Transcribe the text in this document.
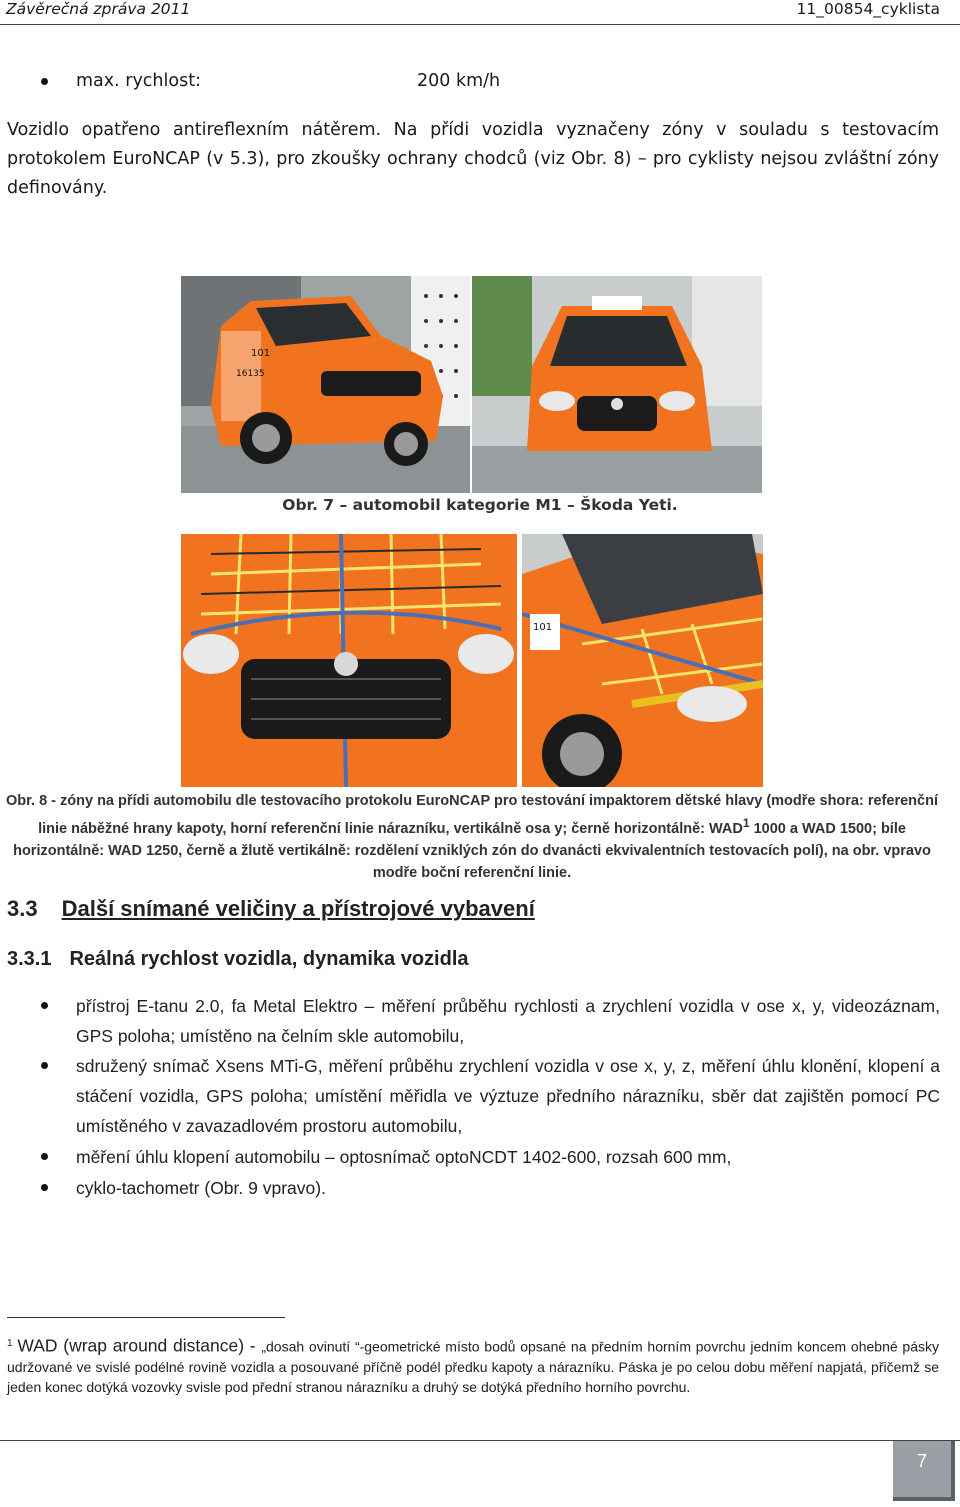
Závěrečná zpráva 2011	11_00854_cyklista
max. rychlost:	200 km/h
Vozidlo opatřeno antireflexním nátěrem. Na přídi vozidla vyznačeny zóny v souladu s testovacím protokolem EuroNCAP (v 5.3), pro zkoušky ochrany chodců (viz Obr. 8) – pro cyklisty nejsou zvláštní zóny definovány.
101
16135
Obr. 7 – automobil kategorie M1 – Škoda Yeti.
101
Obr. 8 - zóny na přídi automobilu dle testovacího protokolu EuroNCAP pro testování impaktorem dětské hlavy (modře shora: referenční linie náběžné hrany kapoty, horní referenční linie nárazníku, vertikálně osa y; černě horizontálně: WAD$^1$ 1000 a WAD 1500; bíle horizontálně: WAD 1250, černě a žlutě vertikálně: rozdělení vzniklých zón do dvanácti ekvivalentních testovacích polí), na obr. vpravo modře boční referenční linie.
3.3 Další snímané veličiny a přístrojové vybavení
3.3.1 Reálná rychlost vozidla, dynamika vozidla
přístroj E-tanu 2.0, fa Metal Elektro – měření průběhu rychlosti a zrychlení vozidla v ose x, y, videozáznam, GPS poloha; umístěno na čelním skle automobilu,
sdružený snímač Xsens MTi-G, měření průběhu zrychlení vozidla v ose x, y, z, měření úhlu klonění, klopení a stáčení vozidla, GPS poloha; umístění měřidla ve výztuze předního nárazníku, sběr dat zajištěn pomocí PC umístěného v zavazadlovém prostoru automobilu,
měření úhlu klopení automobilu – optosnímač optoNCDT 1402-600, rozsah 600 mm,
cyklo-tachometr (Obr. 9 vpravo).
$^1$ WAD (wrap around distance) - „dosah ovinutí “-geometrické místo bodů opsané na předním horním povrchu jedním koncem ohebné pásky udržované ve svislé podélné rovině vozidla a posouvané příčně podél předku kapoty a nárazníku. Páska je po celou dobu měření napjatá, přičemž se jeden konec dotýká vozovky svisle pod přední stranou nárazníku a druhý se dotýká předního horního povrchu.
7
